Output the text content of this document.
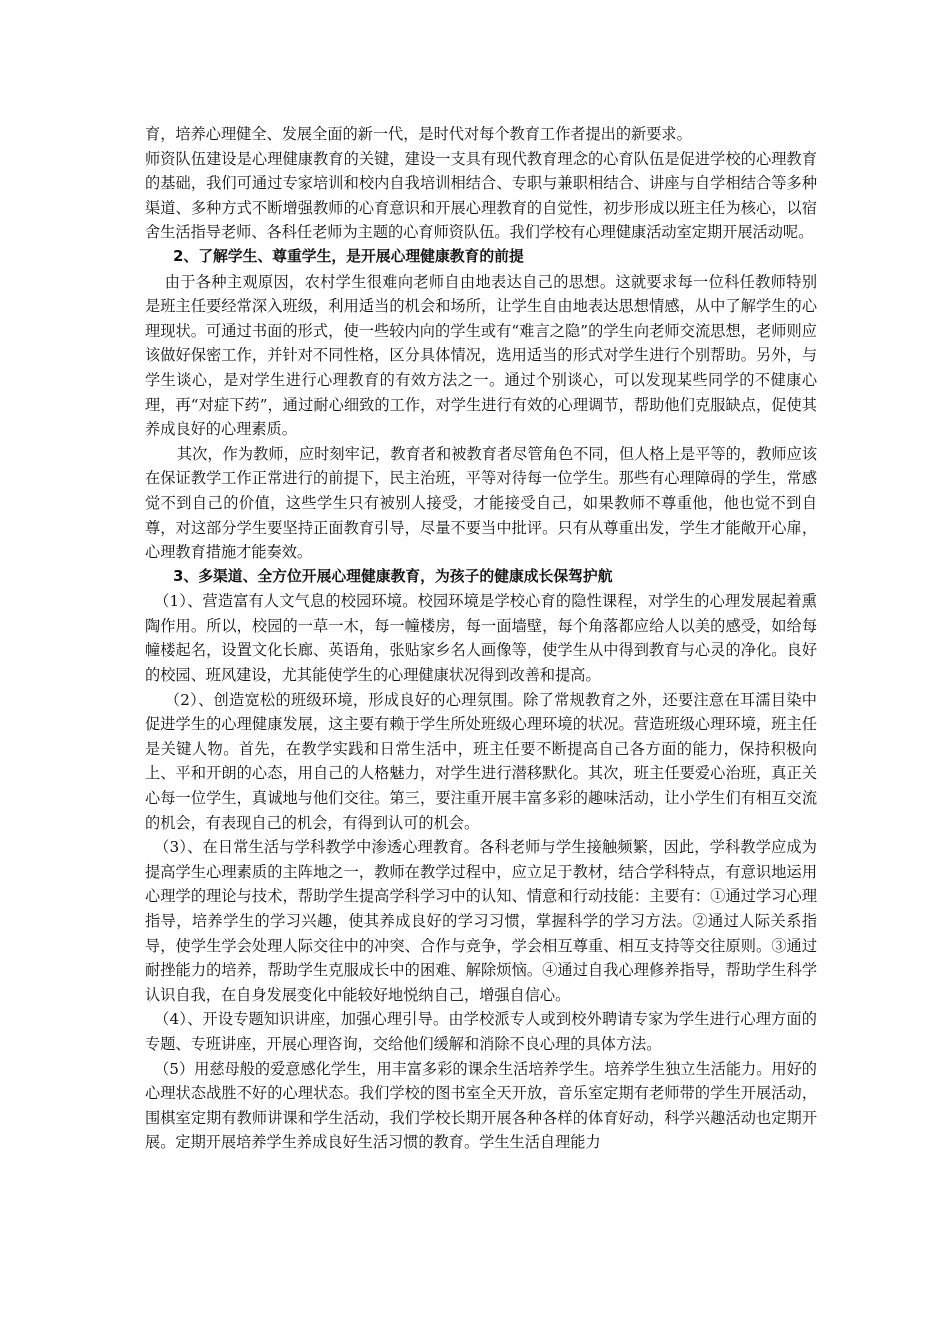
育，培养心理健全、发展全面的新一代，是时代对每个教育工作者提出的新要求。

师资队伍建设是心理健康教育的关键，建设一支具有现代教育理念的心育队伍是促进学校的心理教育的基础，我们可通过专家培训和校内自我培训相结合、专职与兼职相结合、讲座与自学相结合等多种渠道、多种方式不断增强教师的心育意识和开展心理教育的自觉性，初步形成以班主任为核心，以宿舍生活指导老师、各科任老师为主题的心育师资队伍。我们学校有心理健康活动室定期开展活动呢。

2、了解学生、尊重学生，是开展心理健康教育的前提

由于各种主观原因，农村学生很难向老师自由地表达自己的思想。这就要求每一位科任教师特别是班主任要经常深入班级，利用适当的机会和场所，让学生自由地表达思想情感，从中了解学生的心理现状。可通过书面的形式，使一些较内向的学生或有“难言之隐”的学生向老师交流思想，老师则应该做好保密工作，并针对不同性格，区分具体情况，选用适当的形式对学生进行个别帮助。另外，与学生谈心，是对学生进行心理教育的有效方法之一。通过个别谈心，可以发现某些同学的不健康心理，再“对症下药”，通过耐心细致的工作，对学生进行有效的心理调节，帮助他们克服缺点，促使其养成良好的心理素质。

其次，作为教师，应时刻牢记，教育者和被教育者尽管角色不同，但人格上是平等的，教师应该在保证教学工作正常进行的前提下，民主治班，平等对待每一位学生。那些有心理障碍的学生，常感觉不到自己的价值，这些学生只有被别人接受，才能接受自己，如果教师不尊重他，他也觉不到自尊，对这部分学生要坚持正面教育引导，尽量不要当中批评。只有从尊重出发，学生才能敞开心扉，心理教育措施才能奏效。

3、多渠道、全方位开展心理健康教育，为孩子的健康成长保驾护航

（1）、营造富有人文气息的校园环境。校园环境是学校心育的隐性课程，对学生的心理发展起着熏陶作用。所以，校园的一草一木，每一幢楼房，每一面墙壁，每个角落都应给人以美的感受，如给每幢楼起名，设置文化长廊、英语角，张贴家乡名人画像等，使学生从中得到教育与心灵的净化。良好的校园、班风建设，尤其能使学生的心理健康状况得到改善和提高。

（2）、创造宽松的班级环境，形成良好的心理氛围。除了常规教育之外，还要注意在耳濡目染中促进学生的心理健康发展，这主要有赖于学生所处班级心理环境的状况。营造班级心理环境，班主任是关键人物。首先，在教学实践和日常生活中，班主任要不断提高自己各方面的能力，保持积极向上、平和开朗的心态，用自己的人格魅力，对学生进行潜移默化。其次，班主任要爱心治班，真正关心每一位学生，真诚地与他们交往。第三，要注重开展丰富多彩的趣味活动，让小学生们有相互交流的机会，有表现自己的机会，有得到认可的机会。

（3）、在日常生活与学科教学中渗透心理教育。各科老师与学生接触频繁，因此，学科教学应成为提高学生心理素质的主阵地之一，教师在教学过程中，应立足于教材，结合学科特点，有意识地运用心理学的理论与技术，帮助学生提高学科学习中的认知、情意和行动技能：主要有：①通过学习心理指导，培养学生的学习兴趣，使其养成良好的学习习惯，掌握科学的学习方法。②通过人际关系指导，使学生学会处理人际交往中的冲突、合作与竞争，学会相互尊重、相互支持等交往原则。③通过耐挫能力的培养，帮助学生克服成长中的困难、解除烦恼。④通过自我心理修养指导，帮助学生科学认识自我，在自身发展变化中能较好地悦纳自己，增强自信心。

（4）、开设专题知识讲座，加强心理引导。由学校派专人或到校外聘请专家为学生进行心理方面的专题、专班讲座，开展心理咨询，交给他们缓解和消除不良心理的具体方法。

（5）用慈母般的爱意感化学生，用丰富多彩的课余生活培养学生。培养学生独立生活能力。用好的心理状态战胜不好的心理状态。我们学校的图书室全天开放，音乐室定期有老师带的学生开展活动，围棋室定期有教师讲课和学生活动，我们学校长期开展各种各样的体育好动，科学兴趣活动也定期开展。定期开展培养学生养成良好生活习惯的教育。学生生活自理能力
